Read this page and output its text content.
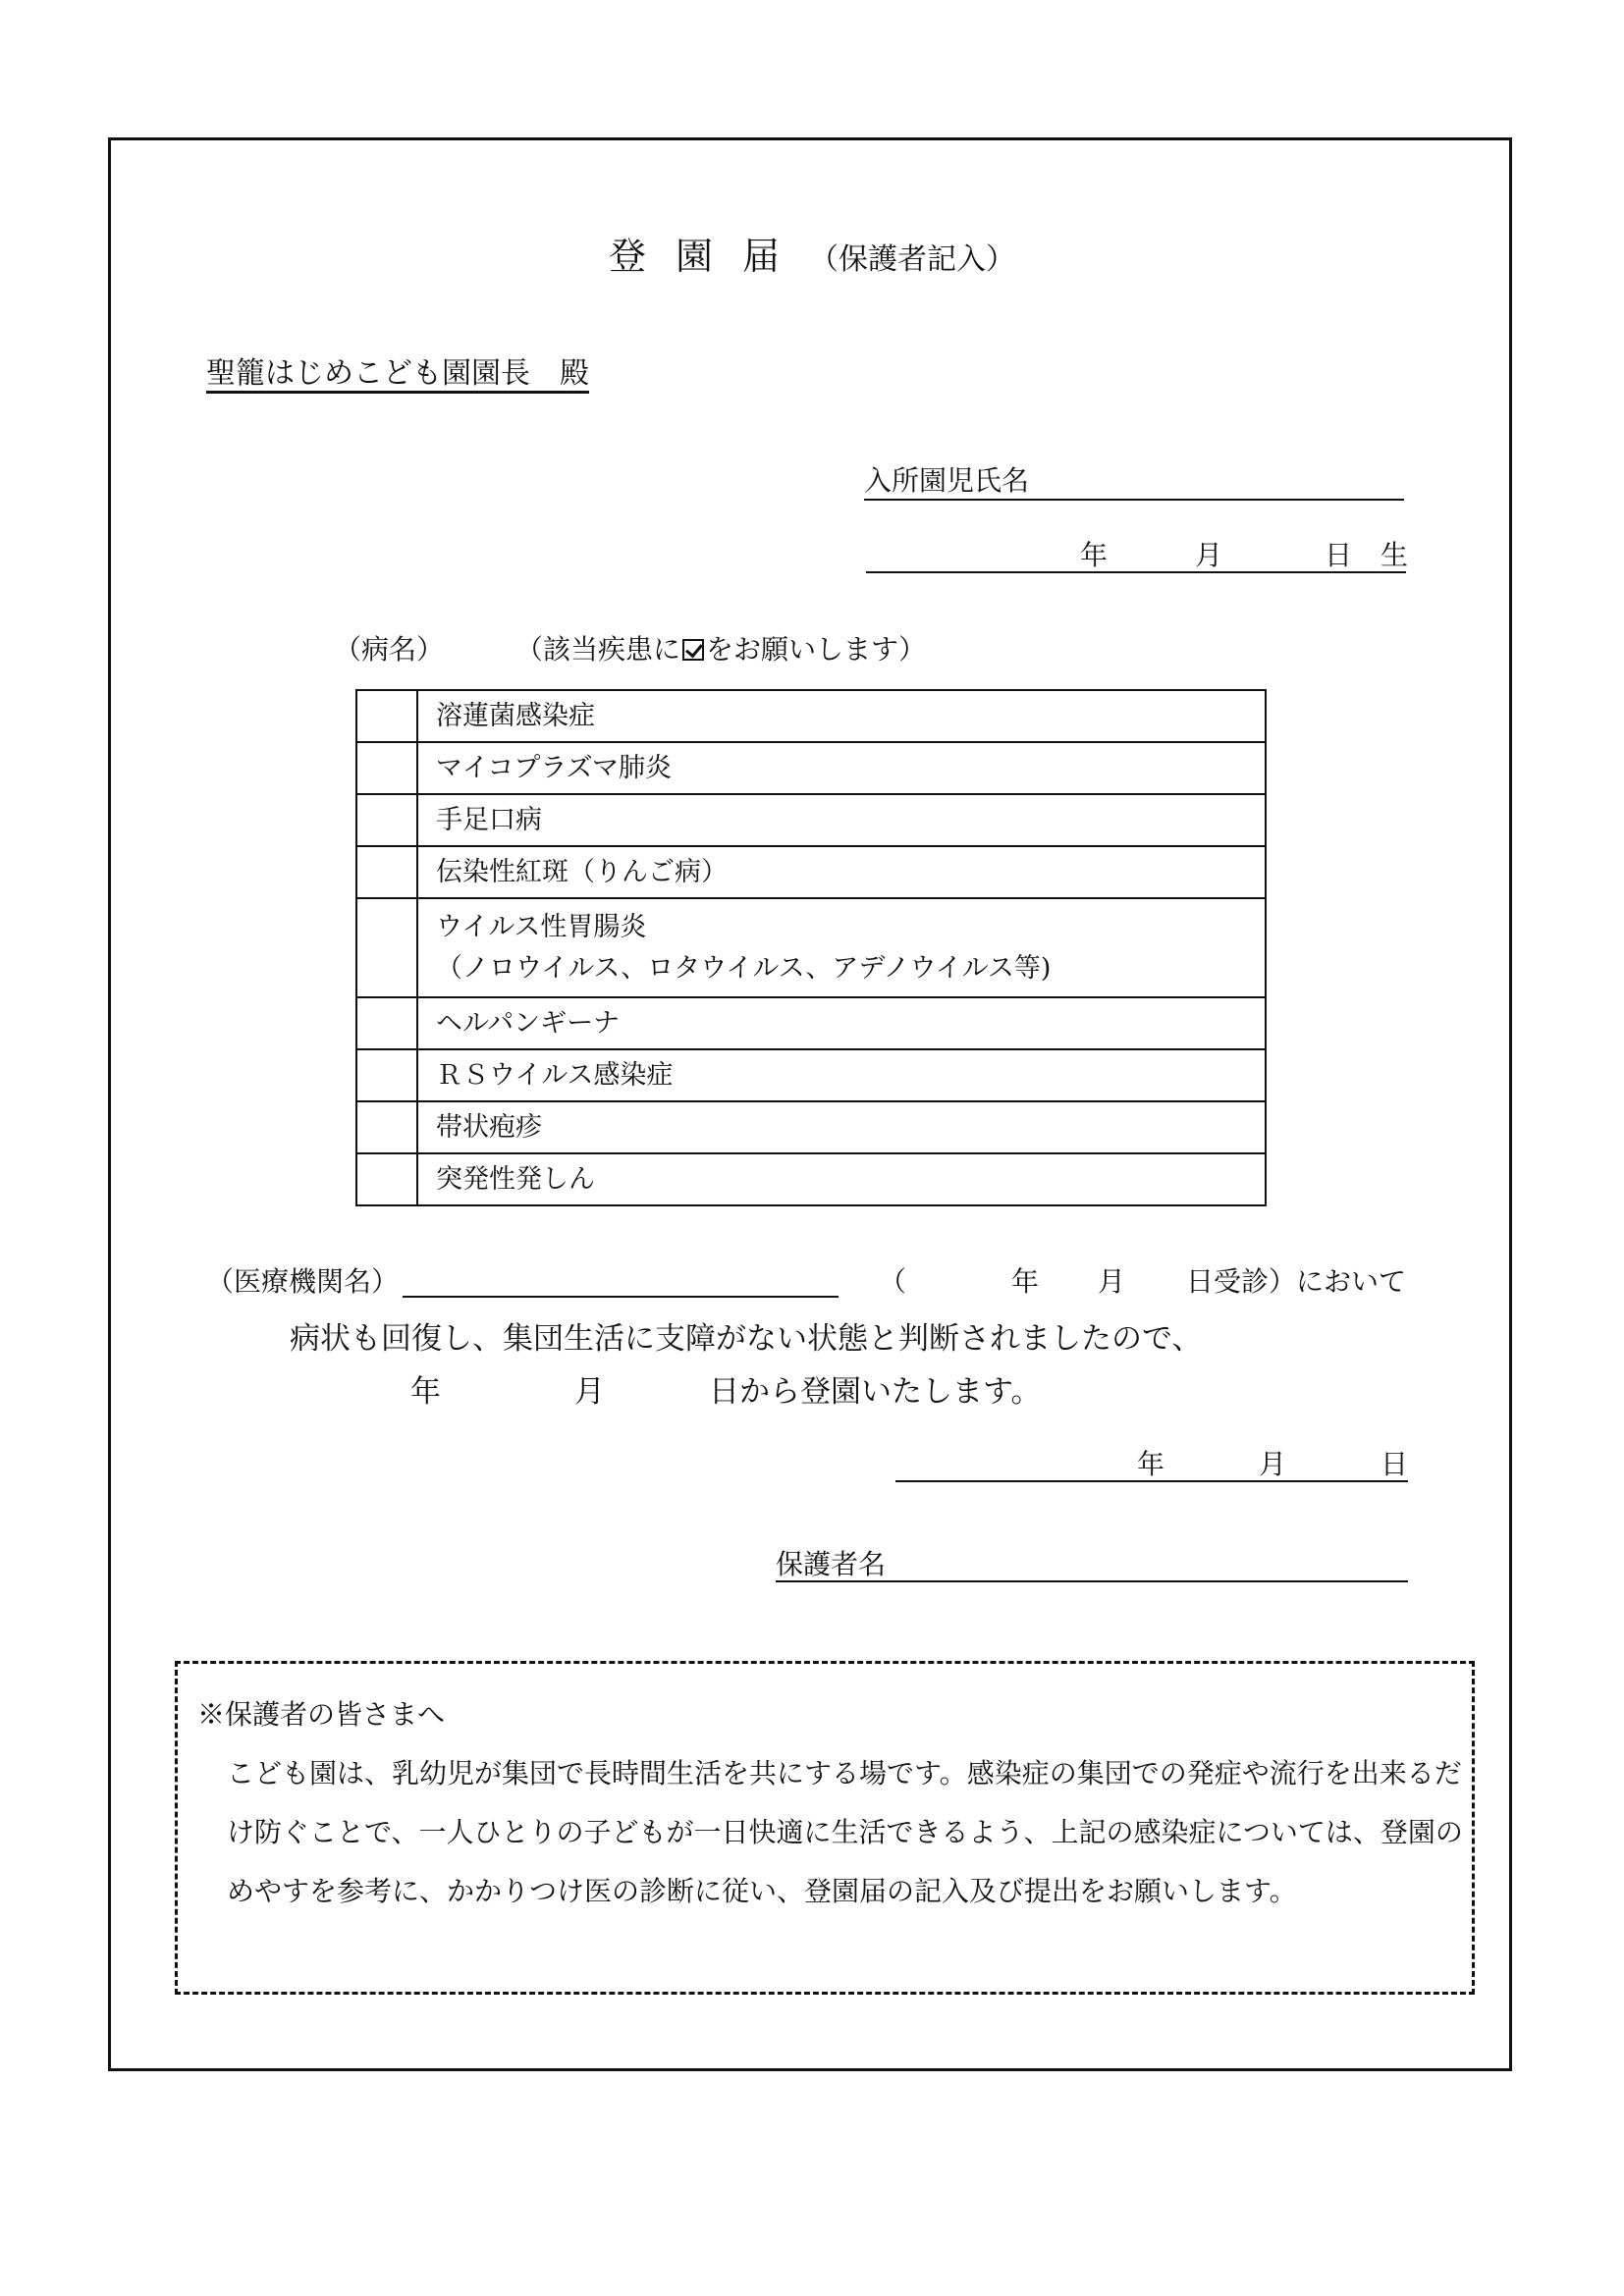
登園届（保護者記入）
聖籠はじめこども園園長　殿
入所園児氏名
年	月	日 生
（病名）	（該当疾患に をお願いします）
	溶蓮菌感染症
	マイコプラズマ肺炎
	手足口病
	伝染性紅斑（りんご病）

	ウイルス性胃腸炎
（ノロウイルス、ロタウイルス、アデノウイルス等)

	ヘルパンギーナ
	ＲＳウイルス感染症
	帯状疱疹
	突発性発しん
（医療機関名）	（	年 月 日受診）において
病状も回復し、集団生活に支障がない状態と判断されましたので、
年	月	日から登園いたします。
年	月	日
保護者名
※保護者の皆さまへ
こども園は、乳幼児が集団で長時間生活を共にする場です。感染症の集団での発症や流行を出来るだけ防ぐことで、一人ひとりの子どもが一日快適に生活できるよう、上記の感染症については、登園のめやすを参考に、かかりつけ医の診断に従い、登園届の記入及び提出をお願いします。
